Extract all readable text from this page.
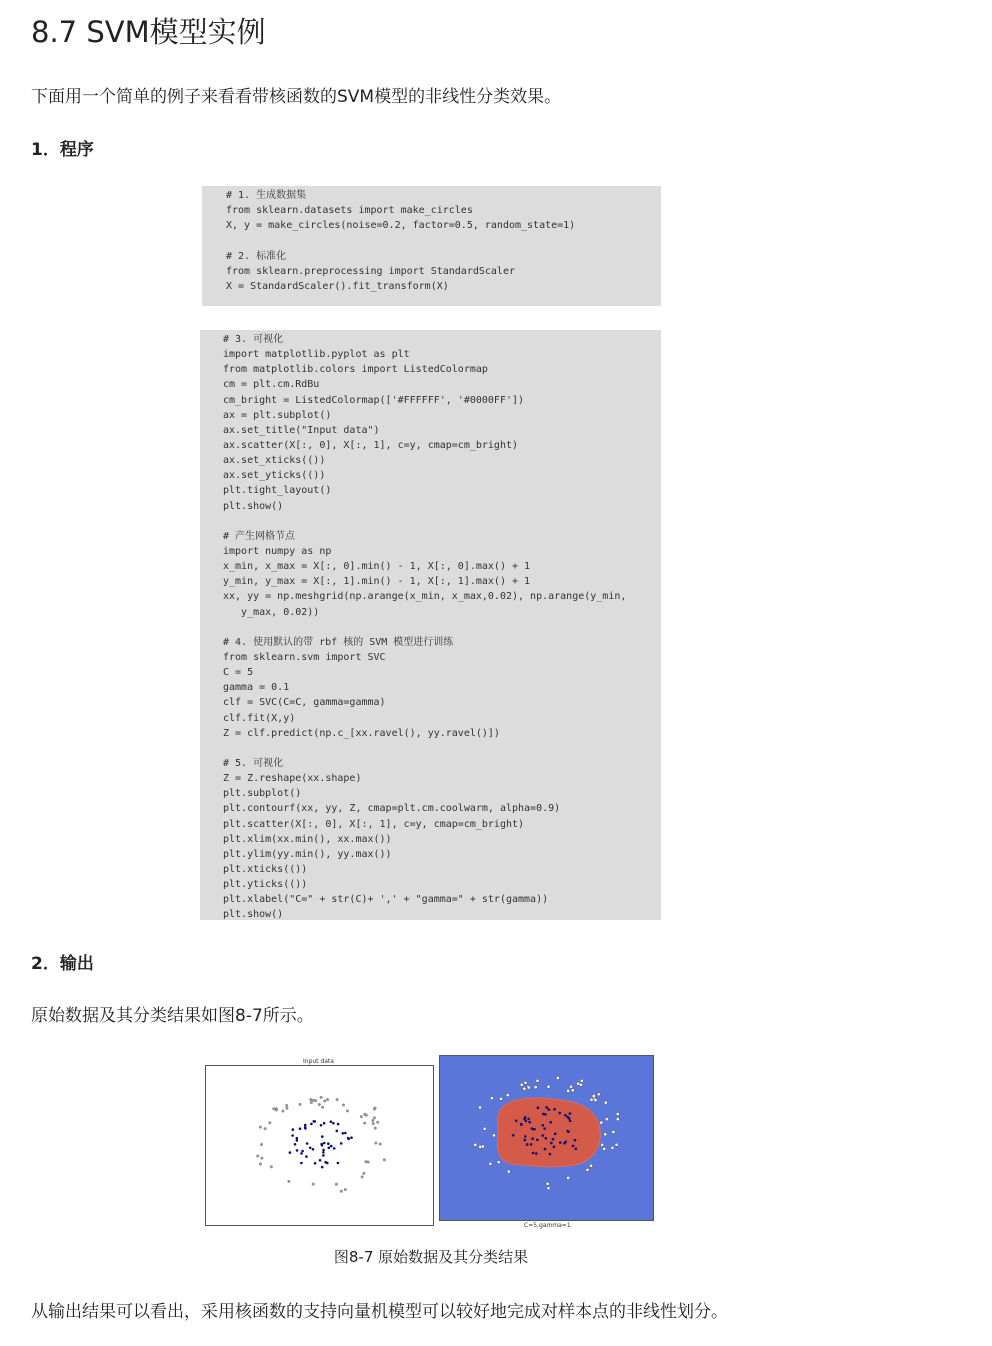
8.7 SVM模型实例

下面用一个简单的例子来看看带核函数的SVM模型的非线性分类效果。

1．程序

# 1. 生成数据集
from sklearn.datasets import make_circles
X, y = make_circles(noise=0.2, factor=0.5, random_state=1)

# 2. 标准化
from sklearn.preprocessing import StandardScaler
X = StandardScaler().fit_transform(X)
# 3. 可视化
import matplotlib.pyplot as plt
from matplotlib.colors import ListedColormap
cm = plt.cm.RdBu
cm_bright = ListedColormap(['#FFFFFF', '#0000FF'])
ax = plt.subplot()
ax.set_title("Input data")
ax.scatter(X[:, 0], X[:, 1], c=y, cmap=cm_bright)
ax.set_xticks(())
ax.set_yticks(())
plt.tight_layout()
plt.show()

# 产生网格节点
import numpy as np
x_min, x_max = X[:, 0].min() - 1, X[:, 0].max() + 1
y_min, y_max = X[:, 1].min() - 1, X[:, 1].max() + 1
xx, yy = np.meshgrid(np.arange(x_min, x_max,0.02), np.arange(y_min,
y_max, 0.02))

# 4. 使用默认的带 rbf 核的 SVM 模型进行训练
from sklearn.svm import SVC
C = 5
gamma = 0.1
clf = SVC(C=C, gamma=gamma)
clf.fit(X,y)
Z = clf.predict(np.c_[xx.ravel(), yy.ravel()])

# 5. 可视化
Z = Z.reshape(xx.shape)
plt.subplot()
plt.contourf(xx, yy, Z, cmap=plt.cm.coolwarm, alpha=0.9)
plt.scatter(X[:, 0], X[:, 1], c=y, cmap=cm_bright)
plt.xlim(xx.min(), xx.max())
plt.ylim(yy.min(), yy.max())
plt.xticks(())
plt.yticks(())
plt.xlabel("C=" + str(C)+ ',' + "gamma=" + str(gamma))
plt.show()

2．输出

原始数据及其分类结果如图8-7所示。

Input data
C=5,gamma=1
图8-7 原始数据及其分类结果

从输出结果可以看出，采用核函数的支持向量机模型可以较好地完成对样本点的非线性划分。
